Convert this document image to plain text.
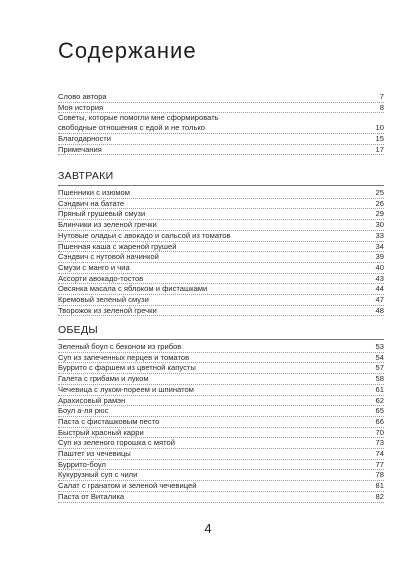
Содержание
Слово автора	7
Моя история	8
Советы, которые помогли мне сформировать
свободные отношения с едой и не только	10
Благодарности	15
Примечания	17
ЗАВТРАКИ
Пшенники с изюмом	25
Сэндвич на батате	26
Пряный грушевый смузи	29
Блинчики из зеленой гречки	30
Нутовые оладьи с авокадо и сальсой из томатов	33
Пшенная каша с жареной грушей	34
Сэндвич с нутовой начинкой	39
Смузи с манго и чиа	40
Ассорти авокадо-тостов	43
Овсянка масала с яблоком и фисташками	44
Кремовый зеленый смузи	47
Творожок из зеленой гречки	48
ОБЕДЫ
Зеленый боул с беконом из грибов	53
Суп из запеченных перцев и томатов	54
Буррито с фаршем из цветной капусты	57
Галета с грибами и луком	58
Чечевица с луком-пореем и шпинатом	61
Арахисовый рамэн	62
Боул а-ля рюс	65
Паста с фисташковым песто	66
Быстрый красный карри	70
Суп из зеленого горошка с мятой	73
Паштет из чечевицы	74
Буррито-боул	77
Кукурузный суп с чили	78
Салат с гранатом и зеленой чечевицей	81
Паста от Виталика	82
4
